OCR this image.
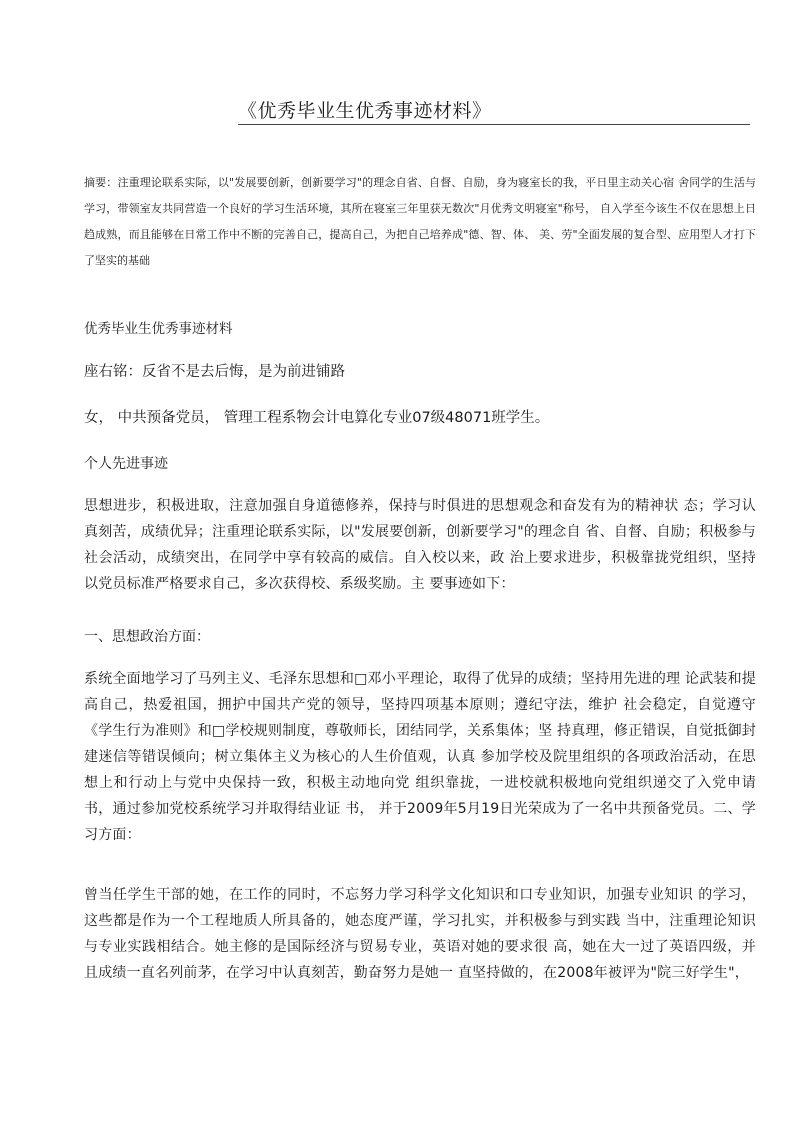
《优秀毕业生优秀事迹材料》
摘要：注重理论联系实际，以"发展要创新，创新要学习"的理念自省、自督、自励，身为寝室长的我，平日里主动关心宿 舍同学的生活与学习，带领室友共同营造一个良好的学习生活环境，其所在寝室三年里获无数次"月优秀文明寝室"称号， 自入学至今该生不仅在思想上日趋成熟，而且能够在日常工作中不断的完善自己，提高自己，为把自己培养成"德、智、体、 美、劳"全面发展的复合型、应用型人才打下了坚实的基础
优秀毕业生优秀事迹材料
座右铭：反省不是去后悔，是为前进铺路
女， 中共预备党员， 管理工程系物会计电算化专业07级48071班学生。
个人先进事迹
思想进步，积极进取，注意加强自身道德修养，保持与时俱进的思想观念和奋发有为的精神状 态；学习认真刻苦，成绩优异；注重理论联系实际，以"发展要创新，创新要学习"的理念自 省、自督、自励；积极参与社会活动，成绩突出，在同学中享有较高的威信。自入校以来，政 治上要求进步，积极靠拢党组织，坚持以党员标准严格要求自己，多次获得校、系级奖励。主 要事迹如下：
一、思想政治方面：
系统全面地学习了马列主义、毛泽东思想和□邓小平理论，取得了优异的成绩；坚持用先进的理 论武装和提高自己，热爱祖国，拥护中国共产党的领导，坚持四项基本原则；遵纪守法，维护 社会稳定，自觉遵守《学生行为准则》和□学校规则制度，尊敬师长，团结同学，关系集体；坚 持真理，修正错误，自觉抵御封建迷信等错误倾向；树立集体主义为核心的人生价值观，认真 参加学校及院里组织的各项政治活动，在思想上和行动上与党中央保持一致，积极主动地向党 组织靠拢，一进校就积极地向党组织递交了入党申请书，通过参加党校系统学习并取得结业证 书， 并于2009年5月19日光荣成为了一名中共预备党员。二、学习方面：
曾当任学生干部的她，在工作的同时，不忘努力学习科学文化知识和口专业知识，加强专业知识 的学习，这些都是作为一个工程地质人所具备的，她态度严谨，学习扎实，并积极参与到实践 当中，注重理论知识与专业实践相结合。她主修的是国际经济与贸易专业，英语对她的要求很 高，她在大一过了英语四级，并且成绩一直名列前茅，在学习中认真刻苦，勤奋努力是她一 直坚持做的，在2008年被评为"院三好学生"，
